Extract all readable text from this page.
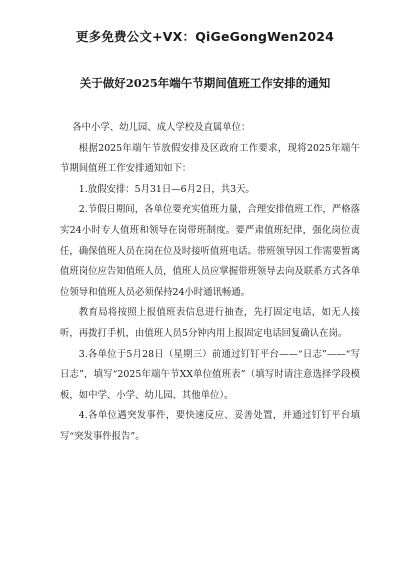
更多免费公文+VX：QiGeGongWen2024
关于做好2025年端午节期间值班工作安排的通知

各中小学、幼儿园、成人学校及直属单位：

根据2025年端午节放假安排及区政府工作要求，现将2025年端午节期间值班工作安排通知如下：

1.放假安排：5月31日—6月2日，共3天。

2.节假日期间，各单位要充实值班力量，合理安排值班工作，严格落实24小时专人值班和领导在岗带班制度。要严肃值班纪律，强化岗位责任，确保值班人员在岗在位及时接听值班电话。带班领导因工作需要暂离值班岗位应告知值班人员，值班人员应掌握带班领导去向及联系方式各单位领导和值班人员必须保持24小时通讯畅通。

教育局将按照上报值班表信息进行抽查，先打固定电话，如无人接听，再拨打手机，由值班人员5分钟内用上报固定电话回复确认在岗。

3.各单位于5月28日（星期三）前通过钉钉平台——“日志”——“写日志”，填写“2025年端午节XX单位值班表”（填写时请注意选择学段模板，如中学、小学、幼儿园、其他单位）。

4.各单位遇突发事件，要快速反应、妥善处置，并通过钉钉平台填写“突发事件报告”。
